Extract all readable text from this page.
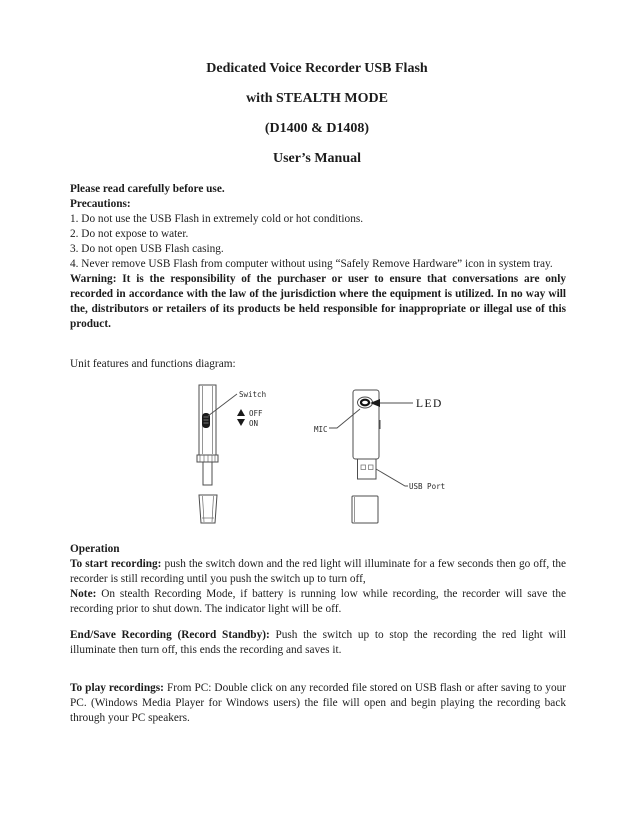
Dedicated Voice Recorder USB Flash

with STEALTH MODE

(D1400 & D1408)

User’s Manual

Please read carefully before use.

Precautions:

1. Do not use the USB Flash in extremely cold or hot conditions.

2. Do not expose to water.

3. Do not open USB Flash casing.

4. Never remove USB Flash from computer without using “Safely Remove Hardware” icon in system tray.

Warning: It is the responsibility of the purchaser or user to ensure that conversations are only recorded in accordance with the law of the jurisdiction where the equipment is utilized. In no way will the, distributors or retailers of its products be held responsible for inappropriate or illegal use of this product.

Unit features and functions diagram:

Switch
OFF
ON
LED
MIC
USB Port

Operation

To start recording: push the switch down and the red light will illuminate for a few seconds then go off, the recorder is still recording until you push the switch up to turn off,

Note: On stealth Recording Mode, if battery is running low while recording, the recorder will save the recording prior to shut down. The indicator light will be off.

End/Save Recording (Record Standby): Push the switch up to stop the recording the red light will illuminate then turn off, this ends the recording and saves it.

To play recordings: From PC: Double click on any recorded file stored on USB flash or after saving to your PC. (Windows Media Player for Windows users) the file will open and begin playing the recording back through your PC speakers.
